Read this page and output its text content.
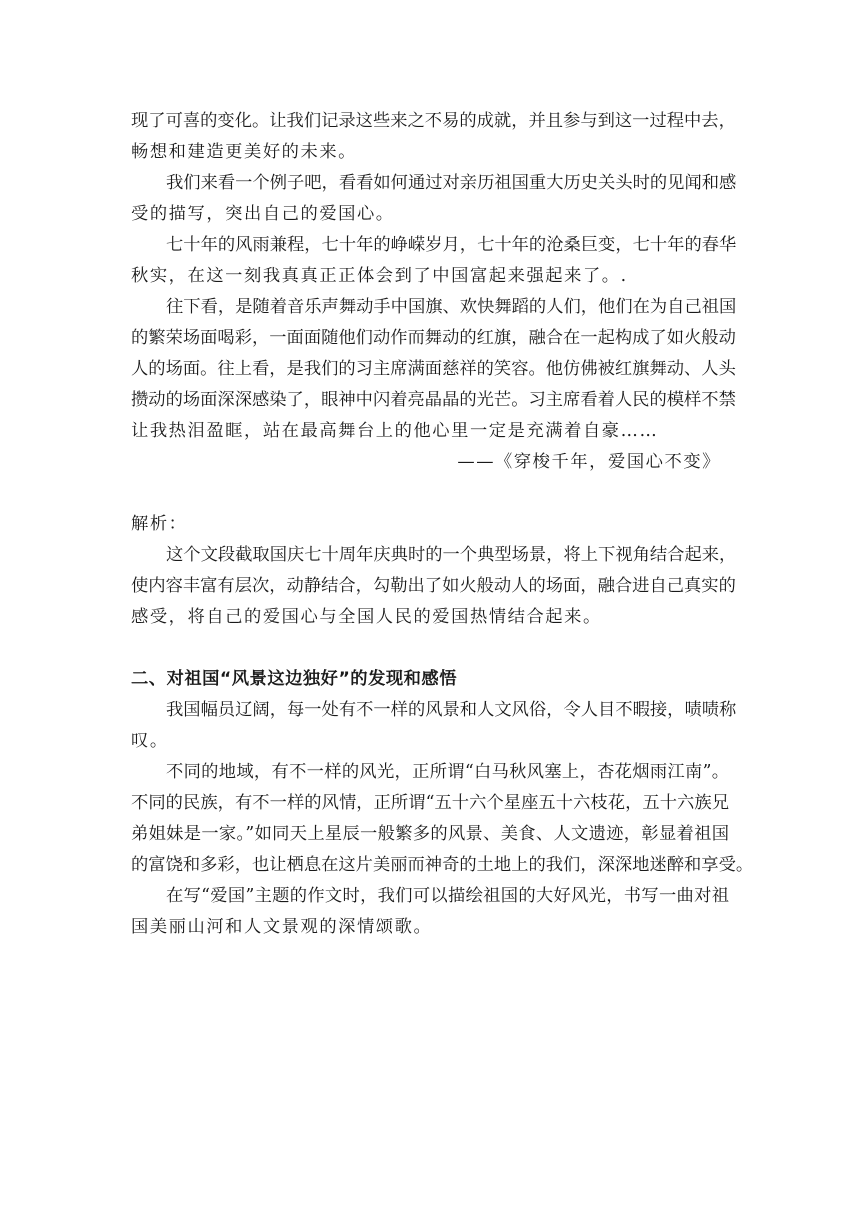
现了可喜的变化。让我们记录这些来之不易的成就，并且参与到这一过程中去，
畅想和建造更美好的未来。
我们来看一个例子吧，看看如何通过对亲历祖国重大历史关头时的见闻和感
受的描写，突出自己的爱国心。
七十年的风雨兼程，七十年的峥嵘岁月，七十年的沧桑巨变，七十年的春华
秋实，在这一刻我真真正正体会到了中国富起来强起来了。.
往下看，是随着音乐声舞动手中国旗、欢快舞蹈的人们，他们在为自己祖国
的繁荣场面喝彩，一面面随他们动作而舞动的红旗，融合在一起构成了如火般动
人的场面。往上看，是我们的习主席满面慈祥的笑容。他仿佛被红旗舞动、人头
攒动的场面深深感染了，眼神中闪着亮晶晶的光芒。习主席看着人民的模样不禁
让我热泪盈眶，站在最高舞台上的他心里一定是充满着自豪……
——《穿梭千年，爱国心不变》
解析：
这个文段截取国庆七十周年庆典时的一个典型场景，将上下视角结合起来，
使内容丰富有层次，动静结合，勾勒出了如火般动人的场面，融合进自己真实的
感受，将自己的爱国心与全国人民的爱国热情结合起来。
二、对祖国“风景这边独好”的发现和感悟
我国幅员辽阔，每一处有不一样的风景和人文风俗，令人目不暇接，啧啧称
叹。
不同的地域，有不一样的风光，正所谓“白马秋风塞上，杏花烟雨江南”。
不同的民族，有不一样的风情，正所谓“五十六个星座五十六枝花，五十六族兄
弟姐妹是一家。”如同天上星辰一般繁多的风景、美食、人文遗迹，彰显着祖国
的富饶和多彩，也让栖息在这片美丽而神奇的土地上的我们，深深地迷醉和享受。
在写“爱国”主题的作文时，我们可以描绘祖国的大好风光，书写一曲对祖
国美丽山河和人文景观的深情颂歌。
